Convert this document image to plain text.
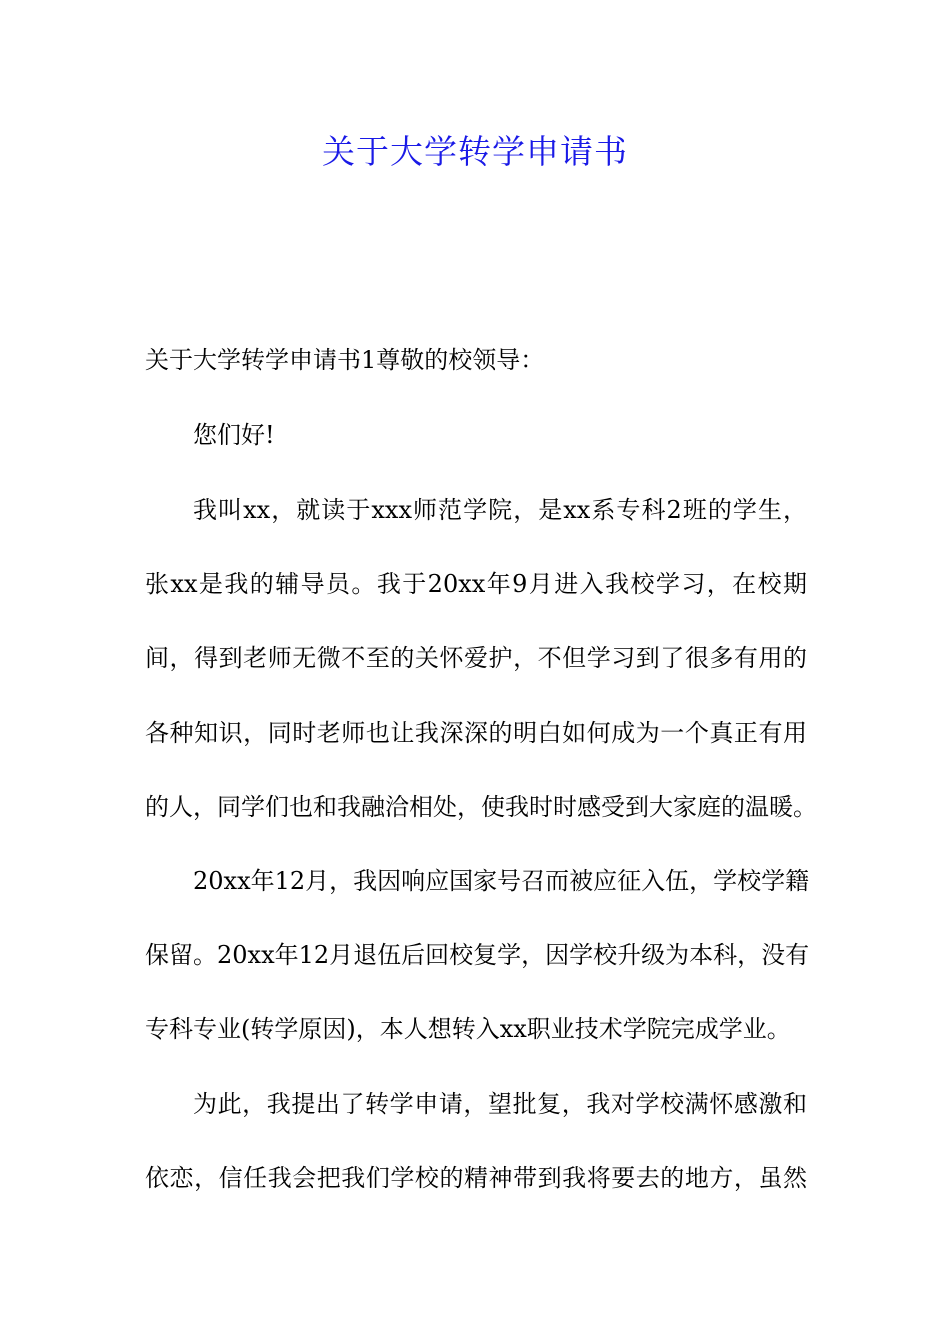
关于大学转学申请书
关于大学转学申请书1尊敬的校领导：
您们好!
我叫xx，就读于xxx师范学院，是xx系专科2班的学生，
张xx是我的辅导员。我于20xx年9月进入我校学习，在校期
间，得到老师无微不至的关怀爱护，不但学习到了很多有用的
各种知识，同时老师也让我深深的明白如何成为一个真正有用
的人，同学们也和我融洽相处，使我时时感受到大家庭的温暖。
20xx年12月，我因响应国家号召而被应征入伍，学校学籍
保留。20xx年12月退伍后回校复学，因学校升级为本科，没有
专科专业(转学原因)，本人想转入xx职业技术学院完成学业。
为此，我提出了转学申请，望批复，我对学校满怀感激和
依恋，信任我会把我们学校的精神带到我将要去的地方，虽然
